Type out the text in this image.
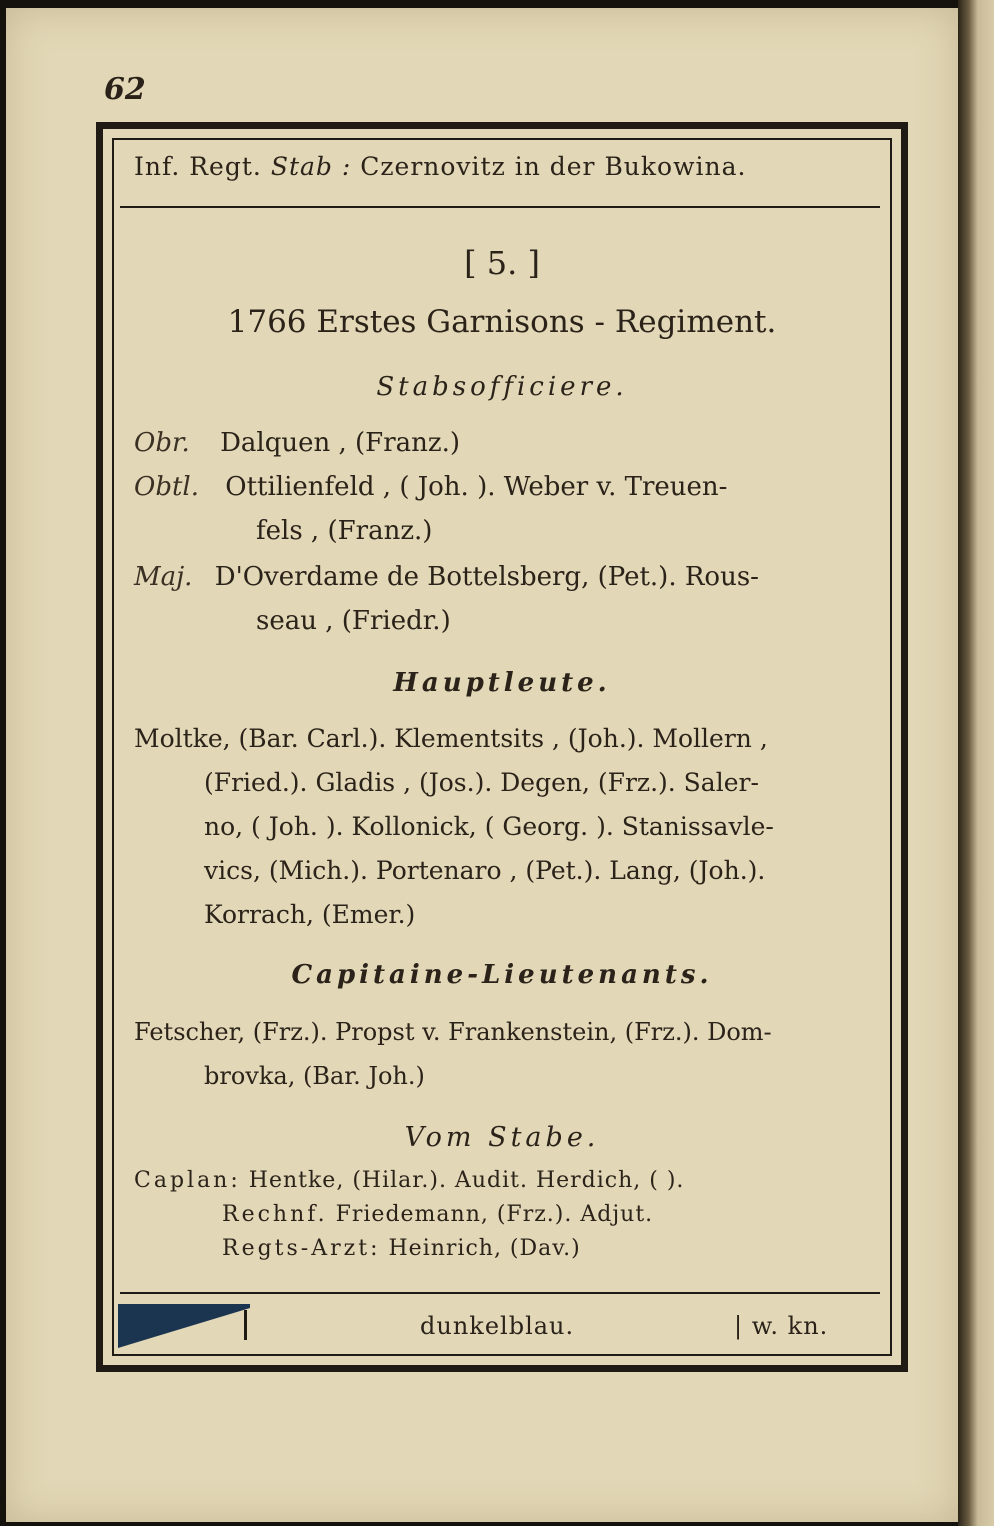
62
Inf. Regt. Stab : Czernovitz in der Bukowina.
[ 5. ]
1766 Erstes Garnisons - Regiment.
Stabsofficiere.
Obr. Dalquen , (Franz.)
Obtl. Ottilienfeld , ( Joh. ). Weber v. Treuen-
fels , (Franz.)
Maj. D'Overdame de Bottelsberg, (Pet.). Rous-
seau , (Friedr.)
Hauptleute.
Moltke, (Bar. Carl.). Klementsits , (Joh.). Mollern ,
(Fried.). Gladis , (Jos.). Degen, (Frz.). Saler-
no, ( Joh. ). Kollonick, ( Georg. ). Stanissavle-
vics, (Mich.). Portenaro , (Pet.). Lang, (Joh.).
Korrach, (Emer.)
Capitaine-Lieutenants.
Fetscher, (Frz.). Propst v. Frankenstein, (Frz.). Dom-
brovka, (Bar. Joh.)
Vom Stabe.
Caplan: Hentke, (Hilar.). Audit. Herdich, ( ).
Rechnf. Friedemann, (Frz.). Adjut.
Regts-Arzt: Heinrich, (Dav.)
dunkelblau.	| w. kn.
